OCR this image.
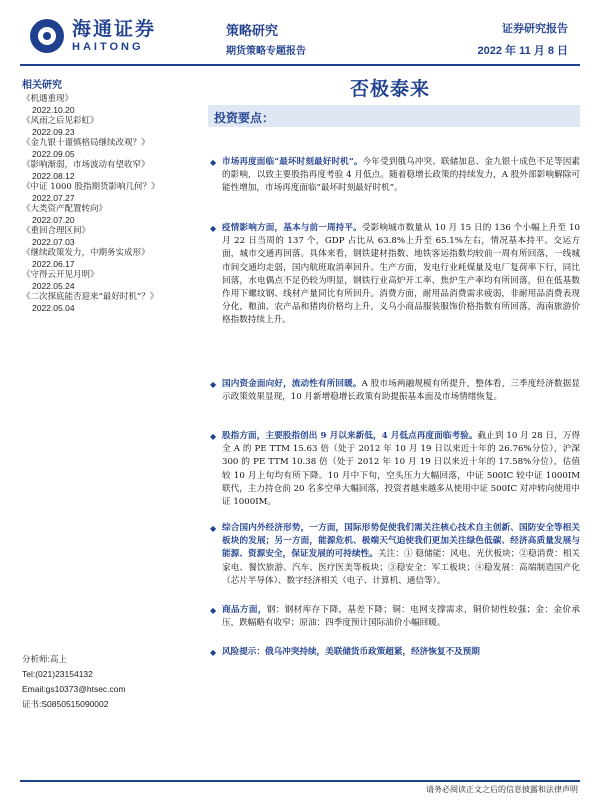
海通证券
HAITONG
策略研究
期货策略专题报告
证券研究报告
2022 年 11 月 8 日
相关研究
《机遇重现》
2022.10.20
《风雨之后见彩虹》
2022.09.23
《金九银十谨慎格局继续改观？》
2022.09.05
《影响渐弱，市场波动有望收窄》
2022.08.12
《中证 1000 股指期货影响几何？》
2022.07.27
《大类资产配置转向》
2022.07.20
《重回合理区间》
2022.07.03
《继续政策发力，中期务实成形》
2022.06.17
《守得云开见月明》
2022.05.24
《二次探底能否迎来“最好时机”？》
2022.05.04
否极泰来
投资要点：
◆ 市场再度面临“最坏时刻最好时机”。今年受到俄乌冲突、联储加息、金九银十成色不足等因素的影响，以致主要股指再度考验 4 月低点。随着稳增长政策的持续发力，A 股外部影响解除可能性增加，市场再度面临“最坏时刻最好时机”。
◆ 疫情影响方面，基本与前一周持平。受影响城市数量从 10 月 15 日的 136 个小幅上升至 10 月 22 日当周的 137 个，GDP 占比从 63.8%上升至 65.1%左右，情况基本持平。交运方面，城市交通再回落。具体来看，钢铁建材指数、地铁客运指数均较前一周有所回落，一线城市间交通均走弱，国内航班取消率回升。生产方面，发电行业耗煤量及电厂复荷率下行，同比回落，水电偶点不足仍较为明显，钢铁行业高炉开工率、焦炉生产率均有所回落，但在低基数作用下螺纹钢、线材产量同比有所回升。消费方面，耐用品消费需求疲弱，非耐用品消费表现分化，粮油、农产品和猪肉价格均上升，义乌小商品服装服饰价格指数有所回落，海南旅游价格指数持续上升。
◆ 国内资金面向好，流动性有所回暖。A 股市场两融规模有所提升，整体看，三季度经济数据显示政策效果显现，10 月新增稳增长政策有助提振基本面及市场情绪恢复。
◆ 股指方面，主要股指创出 9 月以来新低，4 月低点再度面临考验。截止到 10 月 28 日，万得全 A 的 PE TTM 15.63 倍（处于 2012 年 10 月 19 日以来近十年的 26.76%分位），沪深 300 的 PE TTM 10.38 倍（处于 2012 年 10 月 19 日以来近十年的 17.58%分位），估值较 10 月上旬均有所下降。10 月中下旬，空头压力大幅回落，中证 500IC 较中证 1000IM 联代，主力持仓前 20 名多空单大幅回落，投资者越来越多从使用中证 500IC 对冲转向使用中证 1000IM。
◆ 综合国内外经济形势，一方面，国际形势促使我们需关注核心技术自主创新、国防安全等相关板块的发展；另一方面，能源危机、极端天气迫使我们更加关注绿色低碳、经济高质量发展与能源、资源安全，保证发展的可持续性。关注：① 稳储能：风电、光伏板块；②稳消费：相关家电、餐饮旅游、汽车、医疗医美等板块；③稳安全：军工板块；④稳发展：高端制造国产化（芯片半导体）、数字经济相关（电子、计算机、通信等）。
◆ 商品方面，钢：钢材库存下降，基差下降；铜：电网支撑需求，铜价韧性较强；金：金价承压，跌幅略有收窄；原油：四季度预计国际油价小幅回暖。
◆ 风险提示：俄乌冲突持续，美联储货币政策超紧，经济恢复不及预期
分析师:高上
Tel:(021)23154132
Email:gs10373@htsec.com
证书:S0850515090002
请务必阅读正文之后的信息披露和法律声明
